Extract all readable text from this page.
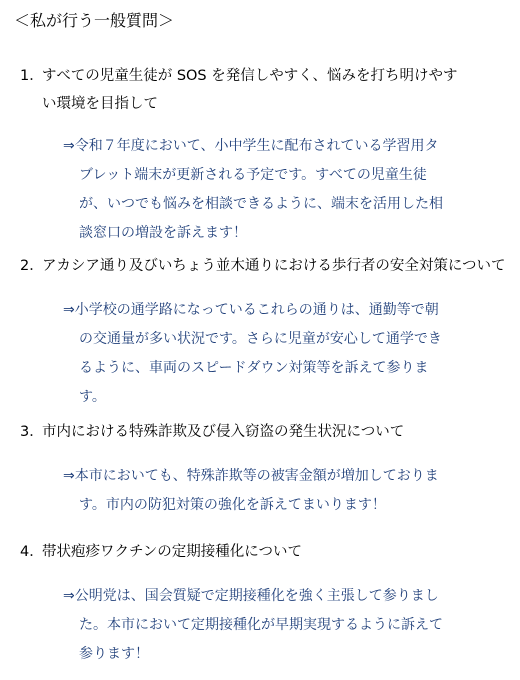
＜私が行う一般質問＞
1．すべての児童生徒が SOS を発信しやすく、悩みを打ち明けやす
い環境を目指して
⇒令和７年度において、小中学生に配布されている学習用タ
ブレット端末が更新される予定です。すべての児童生徒
が、いつでも悩みを相談できるように、端末を活用した相
談窓口の増設を訴えます！
2．アカシア通り及びいちょう並木通りにおける歩行者の安全対策について
⇒小学校の通学路になっているこれらの通りは、通勤等で朝
の交通量が多い状況です。さらに児童が安心して通学でき
るように、車両のスピードダウン対策等を訴えて参りま
す。
3．市内における特殊詐欺及び侵入窃盗の発生状況について
⇒本市においても、特殊詐欺等の被害金額が増加しておりま
す。市内の防犯対策の強化を訴えてまいります！
4．帯状疱疹ワクチンの定期接種化について
⇒公明党は、国会質疑で定期接種化を強く主張して参りまし
た。本市において定期接種化が早期実現するように訴えて
参ります！
